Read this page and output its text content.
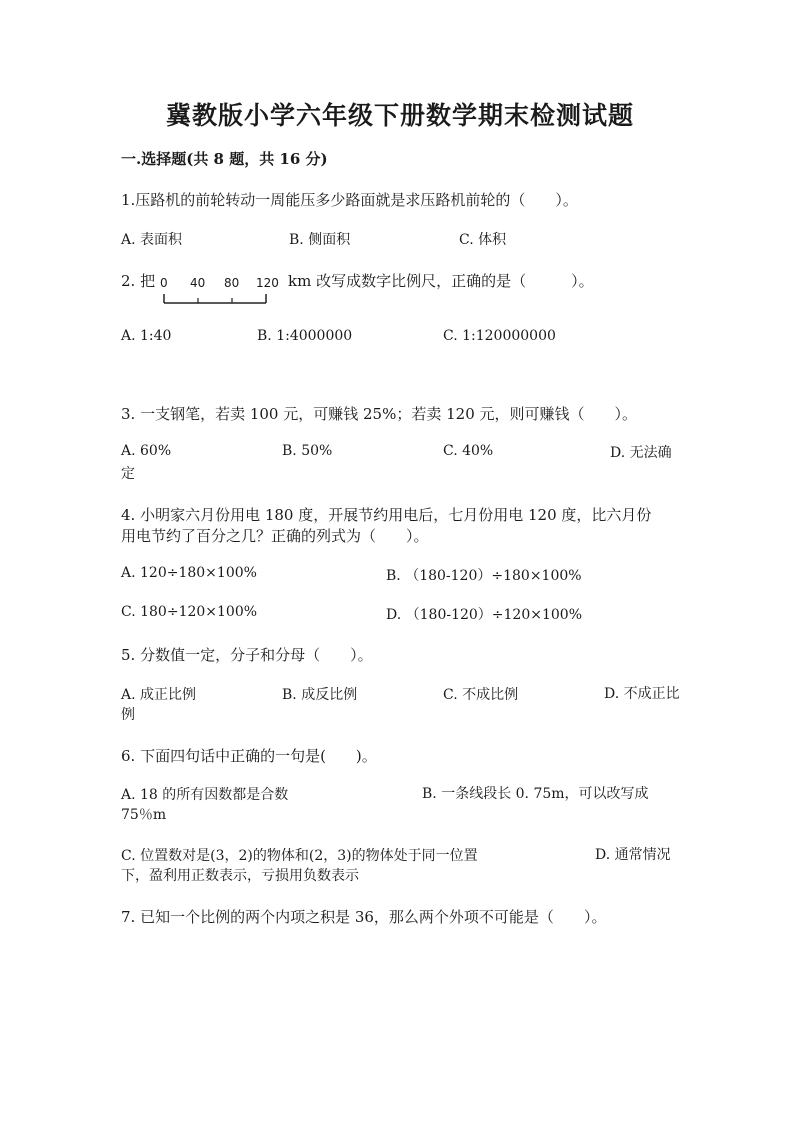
冀教版小学六年级下册数学期末检测试题
一.选择题(共 8 题，共 16 分)
1.压路机的前轮转动一周能压多少路面就是求压路机前轮的（　　）。
A. 表面积	B. 侧面积	C. 体积
2. 把 0 40 80 120 km 改写成数字比例尺，正确的是（　　　）。
A. 1:40	B. 1:4000000	C. 1:120000000
3. 一支钢笔，若卖 100 元，可赚钱 25%；若卖 120 元，则可赚钱（　　）。
A. 60%	B. 50%	C. 40%	D. 无法确定
4. 小明家六月份用电 180 度，开展节约用电后，七月份用电 120 度，比六月份
用电节约了百分之几？正确的列式为（　　）。
A. 120÷180×100%	B. （180-120）÷180×100%
C. 180÷120×100%	D. （180-120）÷120×100%
5. 分数值一定，分子和分母（　　）。
A. 成正比例	B. 成反比例	C. 不成比例	D. 不成正比例
6. 下面四句话中正确的一句是(　　)。
A. 18 的所有因数都是合数	B. 一条线段长 0. 75m，可以改写成 75％m
C. 位置数对是(3，2)的物体和(2，3)的物体处于同一位置	D. 通常情况下，盈利用正数表示，亏损用负数表示
7. 已知一个比例的两个内项之积是 36，那么两个外项不可能是（　　）。
